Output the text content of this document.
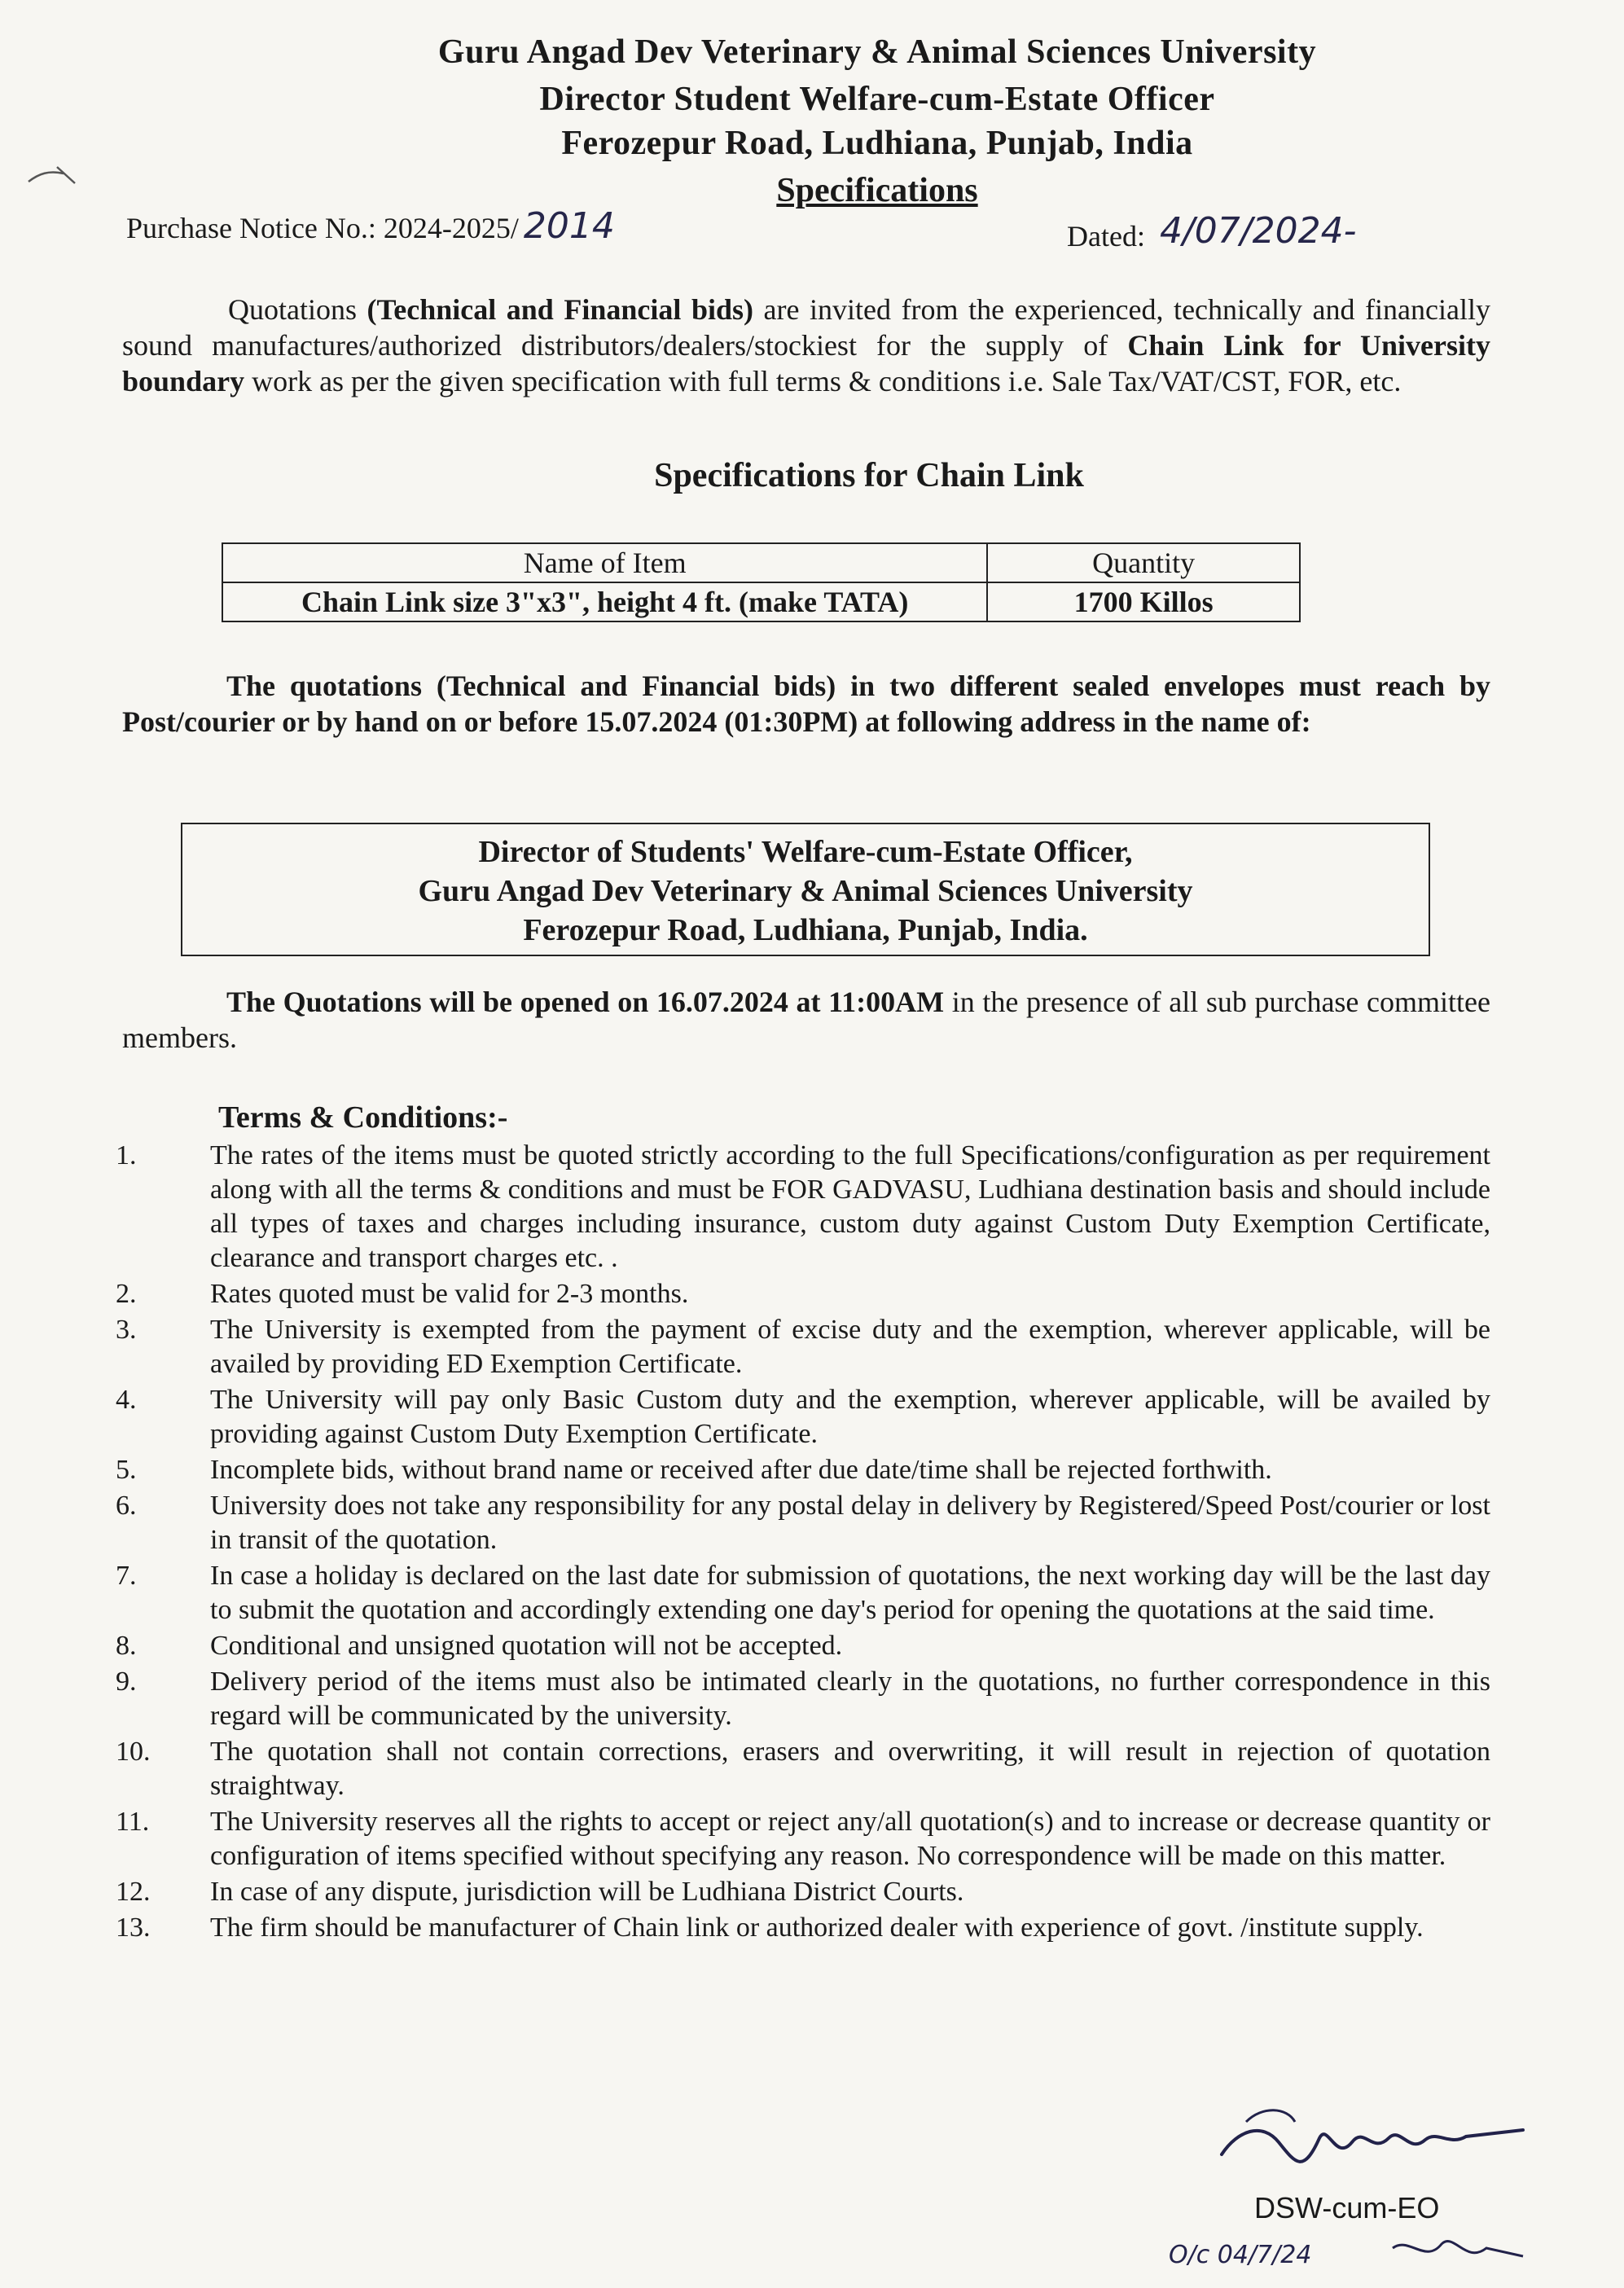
Guru Angad Dev Veterinary & Animal Sciences University
Director Student Welfare-cum-Estate Officer
Ferozepur Road, Ludhiana, Punjab, India
Specifications
Purchase Notice No.: 2024-2025/ 2014	Dated: 4/07/2024-
Quotations (Technical and Financial bids) are invited from the experienced, technically and financially sound manufactures/authorized distributors/dealers/stockiest for the supply of Chain Link for University boundary work as per the given specification with full terms & conditions i.e. Sale Tax/VAT/CST, FOR, etc.
Specifications for Chain Link
Name of Item	Quantity
Chain Link size 3"x3", height 4 ft. (make TATA)	1700 Killos
The quotations (Technical and Financial bids) in two different sealed envelopes must reach by Post/courier or by hand on or before 15.07.2024 (01:30PM) at following address in the name of:
Director of Students' Welfare-cum-Estate Officer,
Guru Angad Dev Veterinary & Animal Sciences University
Ferozepur Road, Ludhiana, Punjab, India.
The Quotations will be opened on 16.07.2024 at 11:00AM in the presence of all sub purchase committee members.
Terms & Conditions:-
1.	The rates of the items must be quoted strictly according to the full Specifications/configuration as per requirement along with all the terms & conditions and must be FOR GADVASU, Ludhiana destination basis and should include all types of taxes and charges including insurance, custom duty against Custom Duty Exemption Certificate, clearance and transport charges etc. .
2.	Rates quoted must be valid for 2-3 months.
3.	The University is exempted from the payment of excise duty and the exemption, wherever applicable, will be availed by providing ED Exemption Certificate.
4.	The University will pay only Basic Custom duty and the exemption, wherever applicable, will be availed by providing against Custom Duty Exemption Certificate.
5.	Incomplete bids, without brand name or received after due date/time shall be rejected forthwith.
6.	University does not take any responsibility for any postal delay in delivery by Registered/Speed Post/courier or lost in transit of the quotation.
7.	In case a holiday is declared on the last date for submission of quotations, the next working day will be the last day to submit the quotation and accordingly extending one day's period for opening the quotations at the said time.
8.	Conditional and unsigned quotation will not be accepted.
9.	Delivery period of the items must also be intimated clearly in the quotations, no further correspondence in this regard will be communicated by the university.
10.	The quotation shall not contain corrections, erasers and overwriting, it will result in rejection of quotation straightway.
11.	The University reserves all the rights to accept or reject any/all quotation(s) and to increase or decrease quantity or configuration of items specified without specifying any reason. No correspondence will be made on this matter.
12.	In case of any dispute, jurisdiction will be Ludhiana District Courts.
13.	The firm should be manufacturer of Chain link or authorized dealer with experience of govt. /institute supply.
DSW-cum-EO
O/c 04/7/24
